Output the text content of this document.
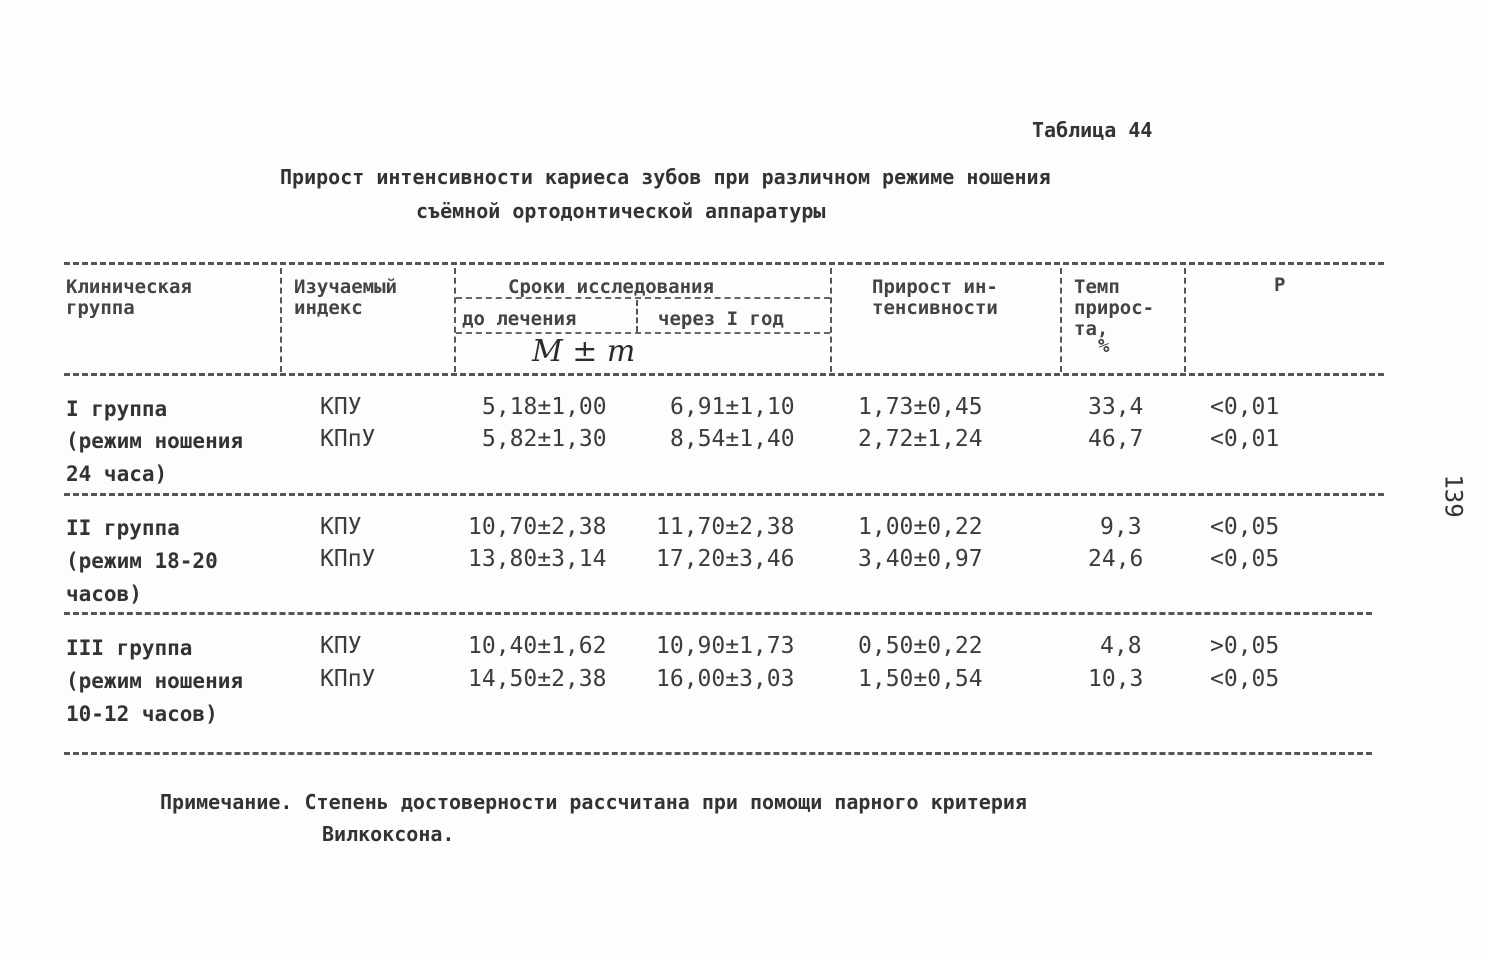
Таблица 44
Прирост интенсивности кариеса зубов при различном режиме ношения
съёмной ортодонтической аппаратуры
Клиническая
группа
Изучаемый
индекс
Сроки исследования
до лечения	через I год
M ± m
Прирост ин-
тенсивности
Темп
прирос-
та,
%
P
I группа
(режим ношения
24 часа)
КПУ	5,18±1,00	6,91±1,10	1,73±0,45	33,4	<0,01
КПпУ	5,82±1,30	8,54±1,40	2,72±1,24	46,7	<0,01
II группа
(режим 18-20
часов)
КПУ	10,70±2,38 11,70±2,38	1,00±0,22	9,3	<0,05
КПпУ	13,80±3,14 17,20±3,46	3,40±0,97	24,6	<0,05
III группа
(режим ношения
10-12 часов)
КПУ	10,40±1,62 10,90±1,73	0,50±0,22	4,8	>0,05
КПпУ	14,50±2,38 16,00±3,03	1,50±0,54	10,3	<0,05
Примечание. Степень достоверности рассчитана при помощи парного критерия
Вилкоксона.
139
